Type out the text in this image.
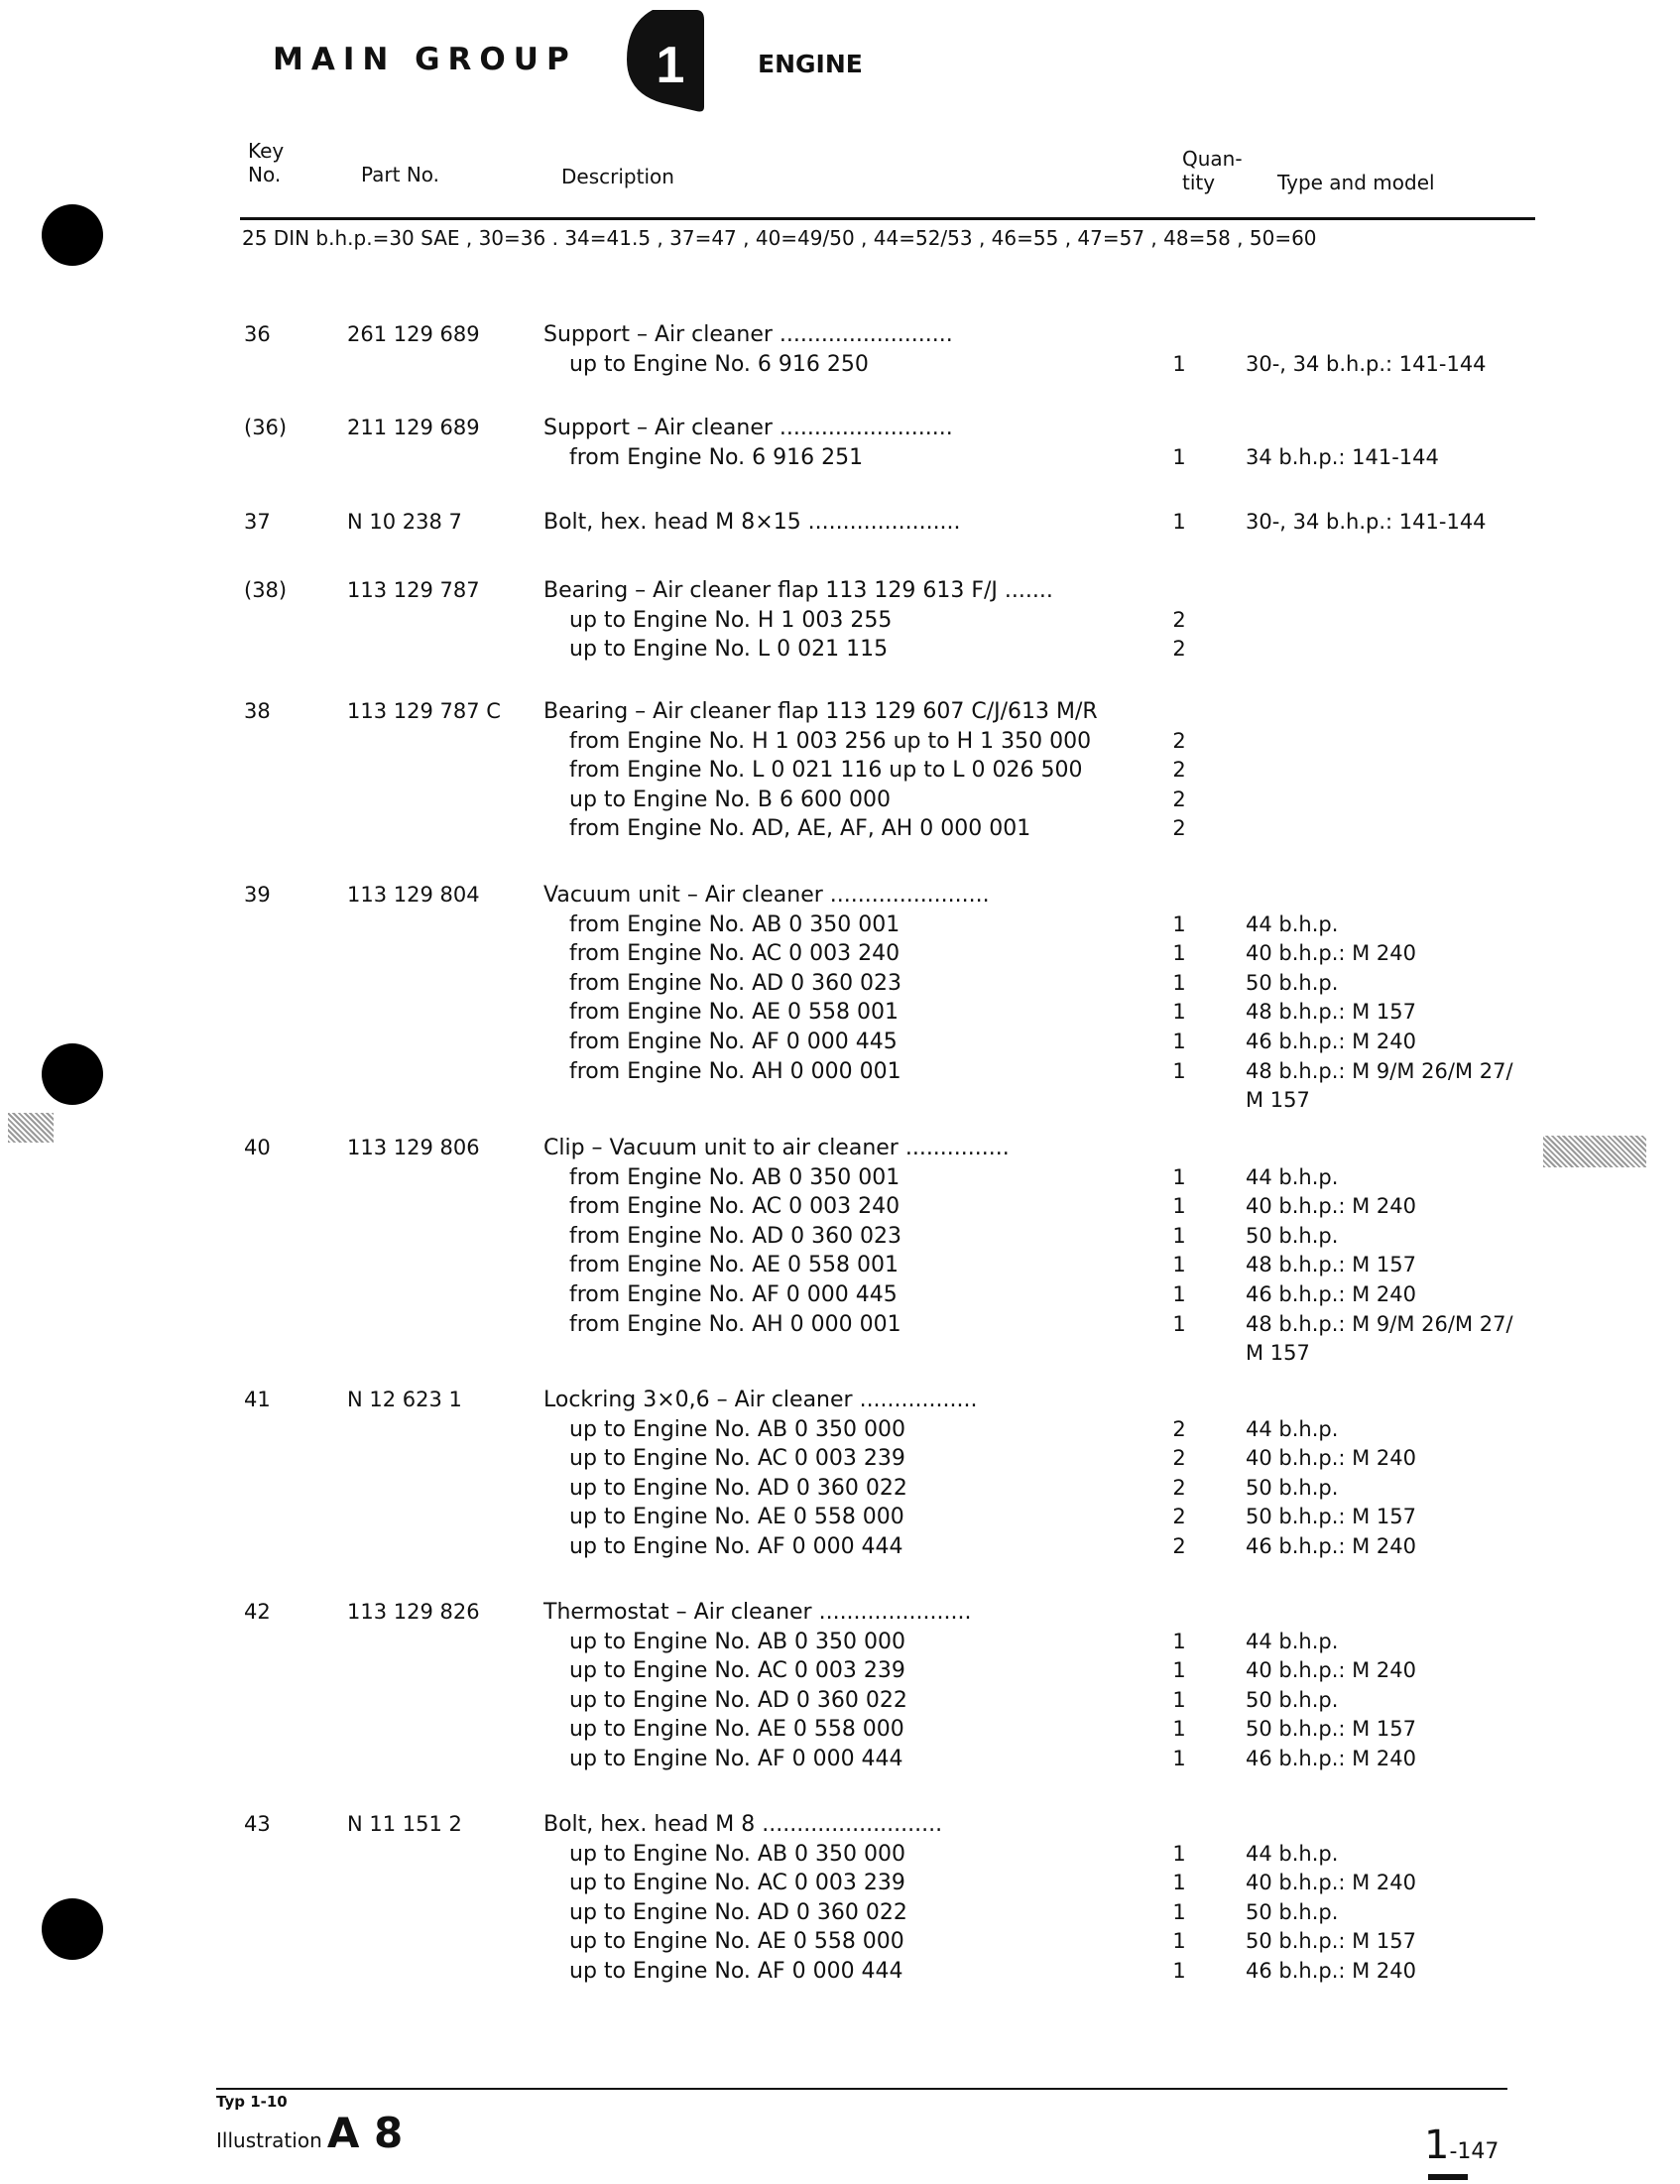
MAIN GROUP 1	ENGINE
Key
No.	Part No.	Description
Quan-
tity	Type and model
25 DIN b.h.p.=30 SAE , 30=36 . 34=41.5 , 37=47 , 40=49/50 , 44=52/53 , 46=55 , 47=57 , 48=58 , 50=60
36	261 129 689	Support – Air cleaner .........................
up to Engine No. 6 916 250	1	30-, 34 b.h.p.: 141-144
(36)	211 129 689	Support – Air cleaner .........................
from Engine No. 6 916 251	1	34 b.h.p.: 141-144
37	N 10 238 7	Bolt, hex. head M 8×15 ......................	1	30-, 34 b.h.p.: 141-144
(38)	113 129 787	Bearing – Air cleaner flap 113 129 613 F/J .......
up to Engine No. H 1 003 255	2
up to Engine No. L 0 021 115	2
38	113 129 787 C Bearing – Air cleaner flap 113 129 607 C/J/613 M/R
from Engine No. H 1 003 256 up to H 1 350 000	2
from Engine No. L 0 021 116 up to L 0 026 500	2
up to Engine No. B 6 600 000	2
from Engine No. AD, AE, AF, AH 0 000 001	2
39	113 129 804	Vacuum unit – Air cleaner .......................
from Engine No. AB 0 350 001	1	44 b.h.p.
from Engine No. AC 0 003 240	1	40 b.h.p.: M 240
from Engine No. AD 0 360 023	1	50 b.h.p.
from Engine No. AE 0 558 001	1	48 b.h.p.: M 157
from Engine No. AF 0 000 445	1	46 b.h.p.: M 240
from Engine No. AH 0 000 001	1	48 b.h.p.: M 9/M 26/M 27/
M 157
40	113 129 806	Clip – Vacuum unit to air cleaner ...............
from Engine No. AB 0 350 001	1	44 b.h.p.
from Engine No. AC 0 003 240	1	40 b.h.p.: M 240
from Engine No. AD 0 360 023	1	50 b.h.p.
from Engine No. AE 0 558 001	1	48 b.h.p.: M 157
from Engine No. AF 0 000 445	1	46 b.h.p.: M 240
from Engine No. AH 0 000 001	1	48 b.h.p.: M 9/M 26/M 27/
M 157
41	N 12 623 1	Lockring 3×0,6 – Air cleaner .................
up to Engine No. AB 0 350 000	2	44 b.h.p.
up to Engine No. AC 0 003 239	2	40 b.h.p.: M 240
up to Engine No. AD 0 360 022	2	50 b.h.p.
up to Engine No. AE 0 558 000	2	50 b.h.p.: M 157
up to Engine No. AF 0 000 444	2	46 b.h.p.: M 240
42	113 129 826	Thermostat – Air cleaner ......................
up to Engine No. AB 0 350 000	1	44 b.h.p.
up to Engine No. AC 0 003 239	1	40 b.h.p.: M 240
up to Engine No. AD 0 360 022	1	50 b.h.p.
up to Engine No. AE 0 558 000	1	50 b.h.p.: M 157
up to Engine No. AF 0 000 444	1	46 b.h.p.: M 240
43	N 11 151 2	Bolt, hex. head M 8 ..........................
up to Engine No. AB 0 350 000	1	44 b.h.p.
up to Engine No. AC 0 003 239	1	40 b.h.p.: M 240
up to Engine No. AD 0 360 022	1	50 b.h.p.
up to Engine No. AE 0 558 000	1	50 b.h.p.: M 157
up to Engine No. AF 0 000 444	1	46 b.h.p.: M 240
Typ 1-10
Illustration A 8	1-147
